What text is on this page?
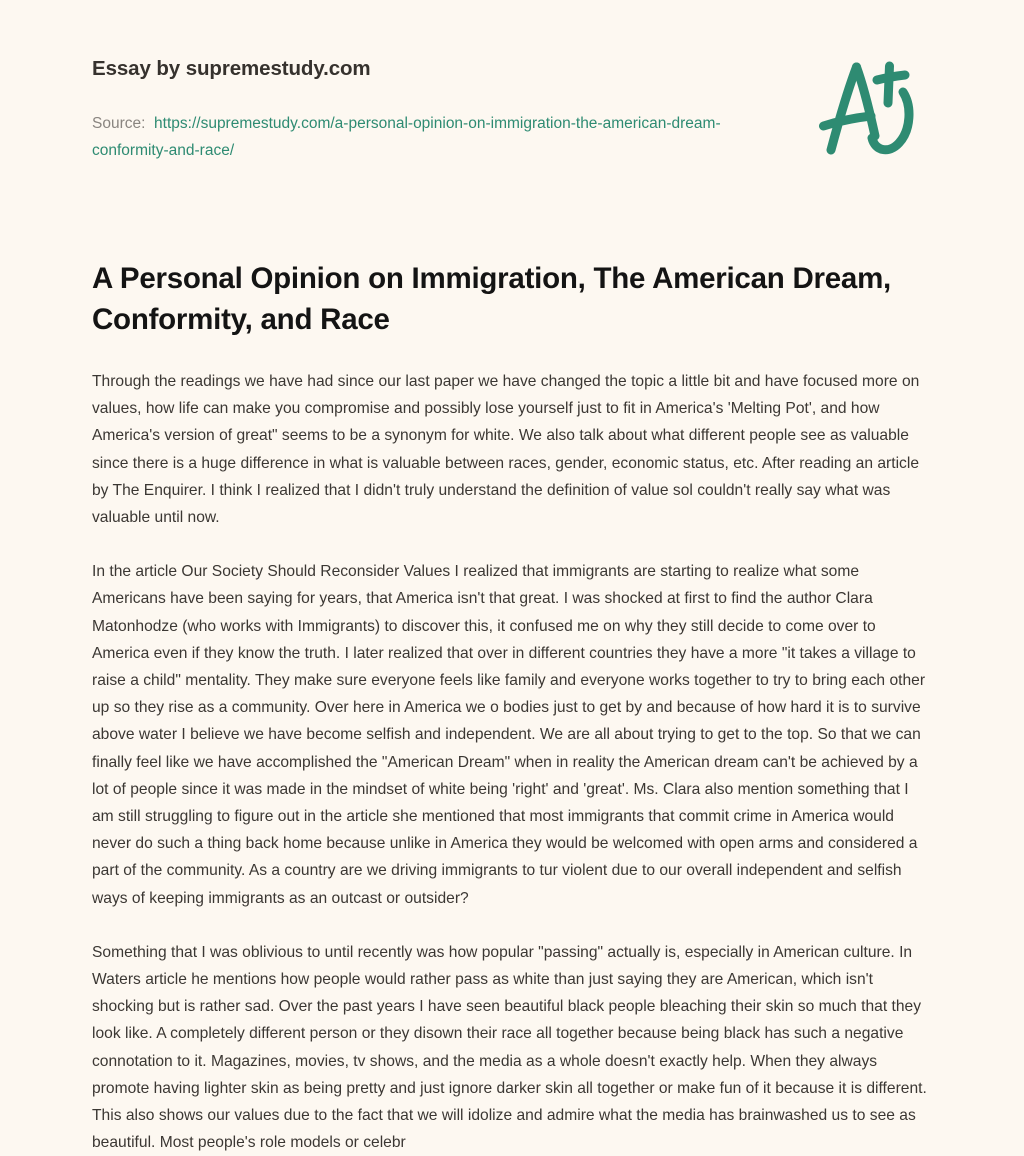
Essay by supremestudy.com
Source: https://supremestudy.com/a-personal-opinion-on-immigration-the-american-dream-conformity-and-race/
A Personal Opinion on Immigration, The American Dream, Conformity, and Race

Through the readings we have had since our last paper we have changed the topic a little bit and have focused more on values, how life can make you compromise and possibly lose yourself just to fit in America's 'Melting Pot', and how America's version of great" seems to be a synonym for white. We also talk about what different people see as valuable since there is a huge difference in what is valuable between races, gender, economic status, etc. After reading an article by The Enquirer. I think I realized that I didn't truly understand the definition of value sol couldn't really say what was valuable until now.

In the article Our Society Should Reconsider Values I realized that immigrants are starting to realize what some Americans have been saying for years, that America isn't that great. I was shocked at first to find the author Clara Matonhodze (who works with Immigrants) to discover this, it confused me on why they still decide to come over to America even if they know the truth. I later realized that over in different countries they have a more "it takes a village to raise a child" mentality. They make sure everyone feels like family and everyone works together to try to bring each other up so they rise as a community. Over here in America we o bodies just to get by and because of how hard it is to survive above water I believe we have become selfish and independent. We are all about trying to get to the top. So that we can finally feel like we have accomplished the "American Dream" when in reality the American dream can't be achieved by a lot of people since it was made in the mindset of white being 'right' and 'great'. Ms. Clara also mention something that I am still struggling to figure out in the article she mentioned that most immigrants that commit crime in America would never do such a thing back home because unlike in America they would be welcomed with open arms and considered a part of the community. As a country are we driving immigrants to tur violent due to our overall independent and selfish ways of keeping immigrants as an outcast or outsider?

Something that I was oblivious to until recently was how popular "passing" actually is, especially in American culture. In Waters article he mentions how people would rather pass as white than just saying they are American, which isn't shocking but is rather sad. Over the past years I have seen beautiful black people bleaching their skin so much that they look like. A completely different person or they disown their race all together because being black has such a negative connotation to it. Magazines, movies, tv shows, and the media as a whole doesn't exactly help. When they always promote having lighter skin as being pretty and just ignore darker skin all together or make fun of it because it is different. This also shows our values due to the fact that we will idolize and admire what the media has brainwashed us to see as beautiful. Most people's role models or celebr
